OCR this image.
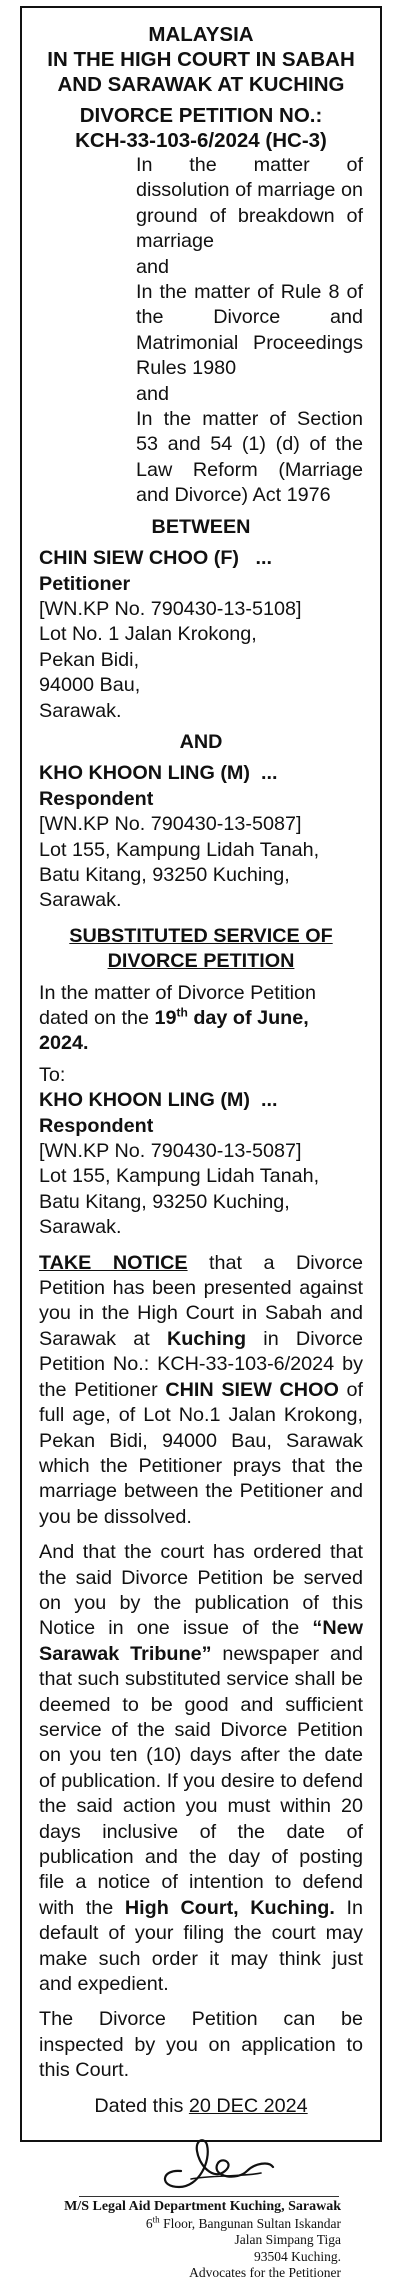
MALAYSIA
IN THE HIGH COURT IN SABAH
AND SARAWAK AT KUCHING
DIVORCE PETITION NO.:
KCH-33-103-6/2024 (HC-3)
In the matter of dissolution of marriage on ground of breakdown of marriage
and
In the matter of Rule 8 of the Divorce and Matrimonial Proceedings Rules 1980
and
In the matter of Section 53 and 54 (1) (d) of the Law Reform (Marriage and Divorce) Act 1976
BETWEEN
CHIN SIEW CHOO (F) ... Petitioner
[WN.KP No. 790430-13-5108]
Lot No. 1 Jalan Krokong,
Pekan Bidi,
94000 Bau,
Sarawak.
AND
KHO KHOON LING (M) ... Respondent
[WN.KP No. 790430-13-5087]
Lot 155, Kampung Lidah Tanah,
Batu Kitang, 93250 Kuching,
Sarawak.
SUBSTITUTED SERVICE OF
DIVORCE PETITION
In the matter of Divorce Petition dated on the 19th day of June, 2024.
To:
KHO KHOON LING (M) ... Respondent
[WN.KP No. 790430-13-5087]
Lot 155, Kampung Lidah Tanah,
Batu Kitang, 93250 Kuching,
Sarawak.
TAKE NOTICE that a Divorce Petition has been presented against you in the High Court in Sabah and Sarawak at Kuching in Divorce Petition No.: KCH-33-103-6/2024 by the Petitioner CHIN SIEW CHOO of full age, of Lot No.1 Jalan Krokong, Pekan Bidi, 94000 Bau, Sarawak which the Petitioner prays that the marriage between the Petitioner and you be dissolved.
And that the court has ordered that the said Divorce Petition be served on you by the publication of this Notice in one issue of the “New Sarawak Tribune” newspaper and that such substituted service shall be deemed to be good and sufficient service of the said Divorce Petition on you ten (10) days after the date of publication. If you desire to defend the said action you must within 20 days inclusive of the date of publication and the day of posting file a notice of intention to defend with the High Court, Kuching. In default of your filing the court may make such order it may think just and expedient.
The Divorce Petition can be inspected by you on application to this Court.
Dated this 20 DEC 2024
M/S Legal Aid Department Kuching, Sarawak
6th Floor, Bangunan Sultan Iskandar
Jalan Simpang Tiga
93504 Kuching.
Advocates for the Petitioner
